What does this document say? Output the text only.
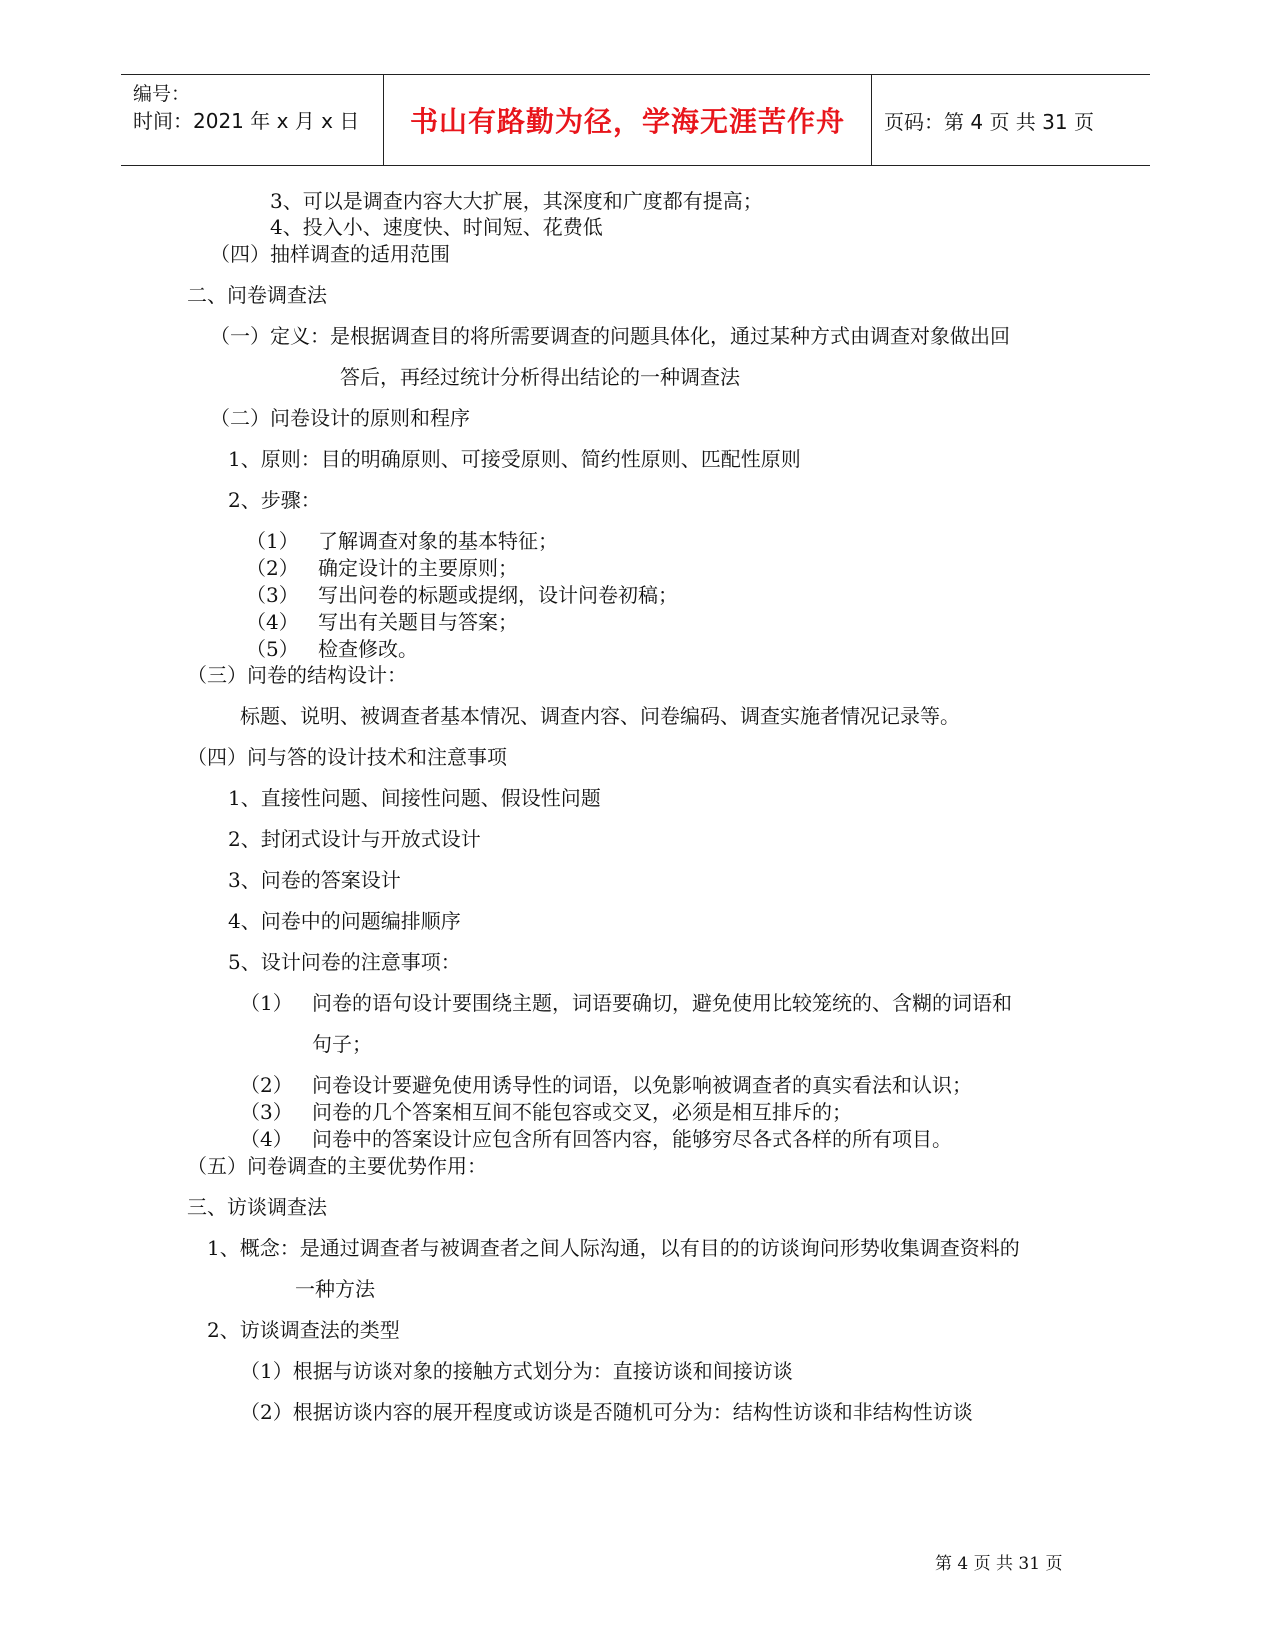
编号：
时间：2021 年 x 月 x 日 书山有路勤为径，学海无涯苦作舟 页码：第 4 页 共 31 页
3、可以是调查内容大大扩展，其深度和广度都有提高；
4、投入小、速度快、时间短、花费低
（四）抽样调查的适用范围
二、问卷调查法
（一）定义：是根据调查目的将所需要调查的问题具体化，通过某种方式由调查对象做出回
答后，再经过统计分析得出结论的一种调查法
（二）问卷设计的原则和程序
1、原则：目的明确原则、可接受原则、简约性原则、匹配性原则
2、步骤：
（1） 了解调查对象的基本特征；
（2） 确定设计的主要原则；
（3） 写出问卷的标题或提纲，设计问卷初稿；
（4） 写出有关题目与答案；
（5） 检查修改。
（三）问卷的结构设计：
标题、说明、被调查者基本情况、调查内容、问卷编码、调查实施者情况记录等。
（四）问与答的设计技术和注意事项
1、直接性问题、间接性问题、假设性问题
2、封闭式设计与开放式设计
3、问卷的答案设计
4、问卷中的问题编排顺序
5、设计问卷的注意事项：
（1） 问卷的语句设计要围绕主题，词语要确切，避免使用比较笼统的、含糊的词语和
句子；
（2） 问卷设计要避免使用诱导性的词语，以免影响被调查者的真实看法和认识；
（3） 问卷的几个答案相互间不能包容或交叉，必须是相互排斥的；
（4） 问卷中的答案设计应包含所有回答内容，能够穷尽各式各样的所有项目。
（五）问卷调查的主要优势作用：
三、访谈调查法
1、概念：是通过调查者与被调查者之间人际沟通，以有目的的访谈询问形势收集调查资料的
一种方法
2、访谈调查法的类型
（1）根据与访谈对象的接触方式划分为：直接访谈和间接访谈
（2）根据访谈内容的展开程度或访谈是否随机可分为：结构性访谈和非结构性访谈
第 4 页 共 31 页
